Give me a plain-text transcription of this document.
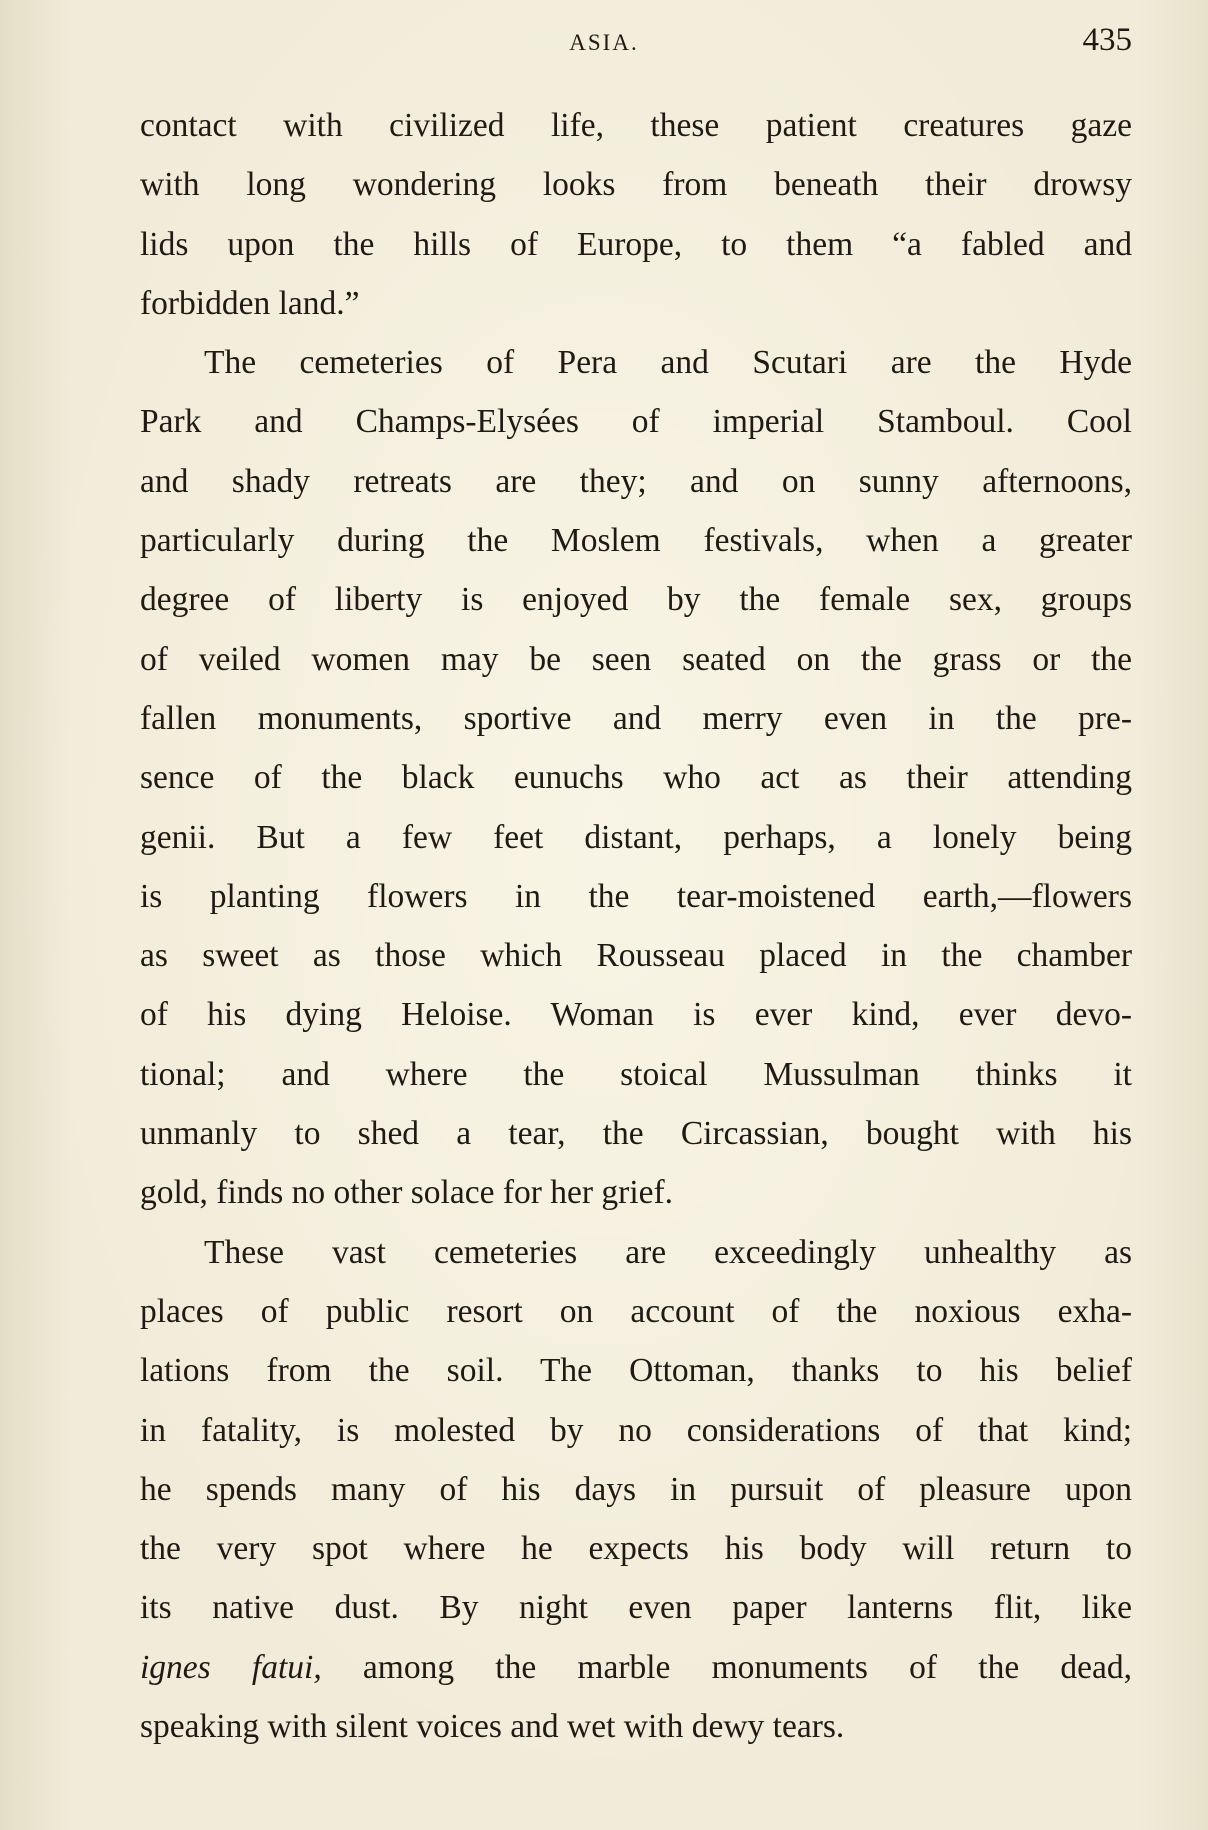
ASIA.	435
contact with civilized life, these patient creatures gaze
with long wondering looks from beneath their drowsy
lids upon the hills of Europe, to them “a fabled and
forbidden land.”
The cemeteries of Pera and Scutari are the Hyde
Park and Champs-Elysées of imperial Stamboul. Cool
and shady retreats are they; and on sunny afternoons,
particularly during the Moslem festivals, when a greater
degree of liberty is enjoyed by the female sex, groups
of veiled women may be seen seated on the grass or the
fallen monuments, sportive and merry even in the pre-
sence of the black eunuchs who act as their attending
genii. But a few feet distant, perhaps, a lonely being
is planting flowers in the tear-moistened earth,—flowers
as sweet as those which Rousseau placed in the chamber
of his dying Heloise. Woman is ever kind, ever devo-
tional; and where the stoical Mussulman thinks it
unmanly to shed a tear, the Circassian, bought with his
gold, finds no other solace for her grief.
These vast cemeteries are exceedingly unhealthy as
places of public resort on account of the noxious exha-
lations from the soil. The Ottoman, thanks to his belief
in fatality, is molested by no considerations of that kind;
he spends many of his days in pursuit of pleasure upon
the very spot where he expects his body will return to
its native dust. By night even paper lanterns flit, like
ignes fatui, among the marble monuments of the dead,
speaking with silent voices and wet with dewy tears.
